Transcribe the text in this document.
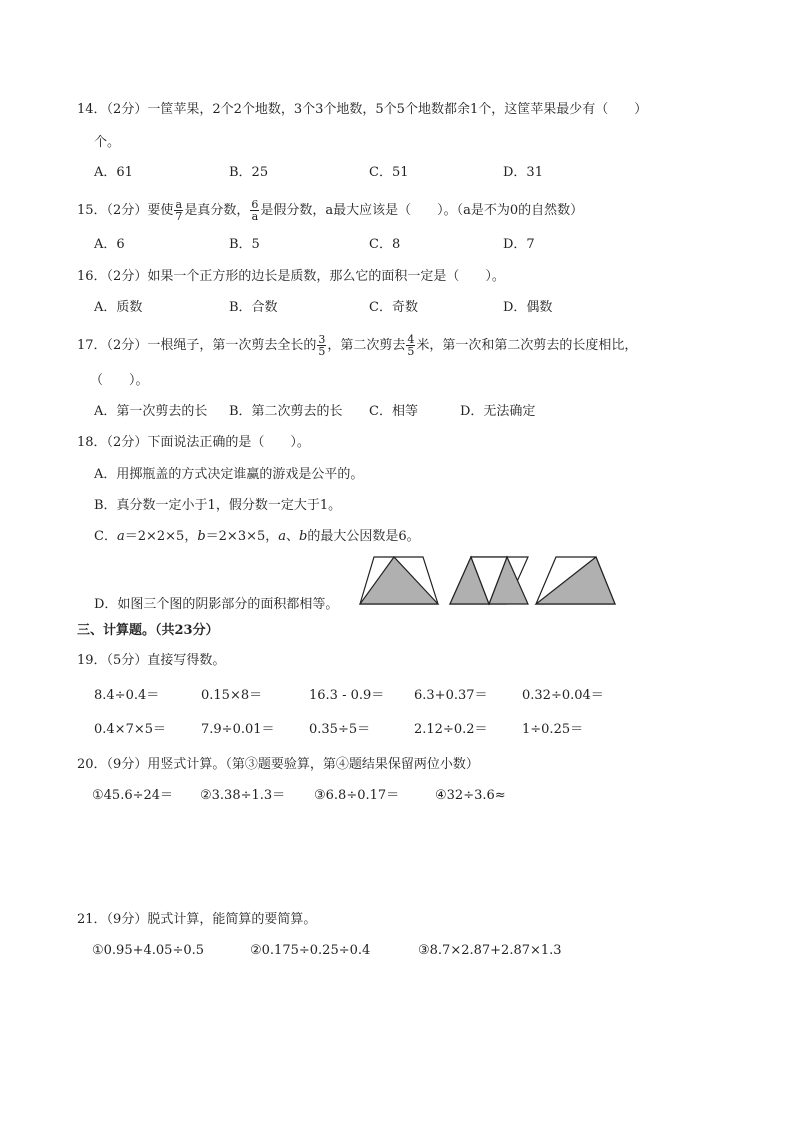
14．（2分）一筐苹果，2个2个地数，3个3个地数，5个5个地数都余1个，这筐苹果最少有（　　）
个。
A．61	B．25	C．51	D．31
15．（2分）要使 $\frac{a}{7}$ 是真分数， $\frac{6}{a}$ 是假分数，a最大应该是（　　）。（a是不为0的自然数）
A．6	B．5	C．8	D．7
16．（2分）如果一个正方形的边长是质数，那么它的面积一定是（　　）。
A．质数	B．合数	C．奇数	D．偶数
17．（2分）一根绳子，第一次剪去全长的 $\frac{3}{5}$ ，第二次剪去 $\frac{4}{5}$ 米，第一次和第二次剪去的长度相比，
（　　）。
A．第一次剪去的长 B．第二次剪去的长 C．相等	D．无法确定
18．（2分）下面说法正确的是（　　）。
A．用掷瓶盖的方式决定谁赢的游戏是公平的。
B．真分数一定小于1，假分数一定大于1。
C．a＝2×2×5，b＝2×3×5，a、b的最大公因数是6。
D．如图三个图的阴影部分的面积都相等。
三、计算题。（共23分）
19．（5分）直接写得数。
8.4÷0.4＝	0.15×8＝	16.3 - 0.9＝ 6.3+0.37＝	0.32÷0.04＝
0.4×7×5＝	7.9÷0.01＝	0.35÷5＝	2.12÷0.2＝	1÷0.25＝
20．（9分）用竖式计算。（第③题要验算，第④题结果保留两位小数）
①45.6÷24＝ ②3.38÷1.3＝ ③6.8÷0.17＝	④32÷3.6≈
21．（9分）脱式计算，能简算的要简算。
①0.95+4.05÷0.5	②0.175÷0.25÷0.4	③8.7×2.87+2.87×1.3
